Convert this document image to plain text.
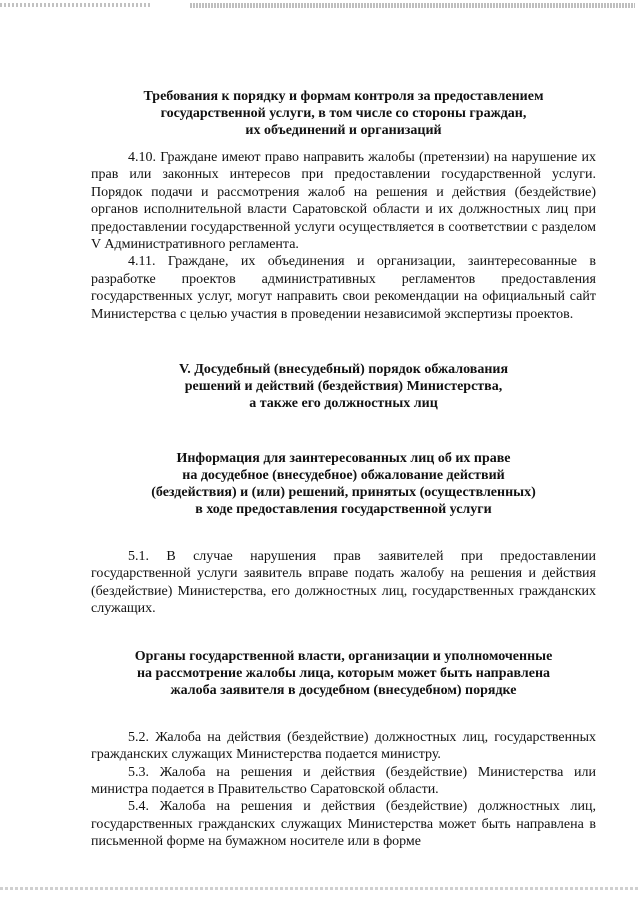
Требования к порядку и формам контроля за предоставлением
государственной услуги, в том числе со стороны граждан,
их объединений и организаций

4.10. Граждане имеют право направить жалобы (претензии) на нарушение их прав или законных интересов при предоставлении государственной услуги. Порядок подачи и рассмотрения жалоб на решения и действия (бездействие) органов исполнительной власти Саратовской области и их должностных лиц при предоставлении государственной услуги осуществляется в соответствии с разделом V Административного регламента.

4.11. Граждане, их объединения и организации, заинтересованные в разработке проектов административных регламентов предоставления государственных услуг, могут направить свои рекомендации на официальный сайт Министерства с целью участия в проведении независимой экспертизы проектов.

V. Досудебный (внесудебный) порядок обжалования
решений и действий (бездействия) Министерства,
а также его должностных лиц
Информация для заинтересованных лиц об их праве
на досудебное (внесудебное) обжалование действий
(бездействия) и (или) решений, принятых (осуществленных)
в ходе предоставления государственной услуги

5.1. В случае нарушения прав заявителей при предоставлении государственной услуги заявитель вправе подать жалобу на решения и действия (бездействие) Министерства, его должностных лиц, государственных гражданских служащих.

Органы государственной власти, организации и уполномоченные
на рассмотрение жалобы лица, которым может быть направлена
жалоба заявителя в досудебном (внесудебном) порядке

5.2. Жалоба на действия (бездействие) должностных лиц, государственных гражданских служащих Министерства подается министру.

5.3. Жалоба на решения и действия (бездействие) Министерства или министра подается в Правительство Саратовской области.

5.4. Жалоба на решения и действия (бездействие) должностных лиц, государственных гражданских служащих Министерства может быть направлена в письменной форме на бумажном носителе или в форме
